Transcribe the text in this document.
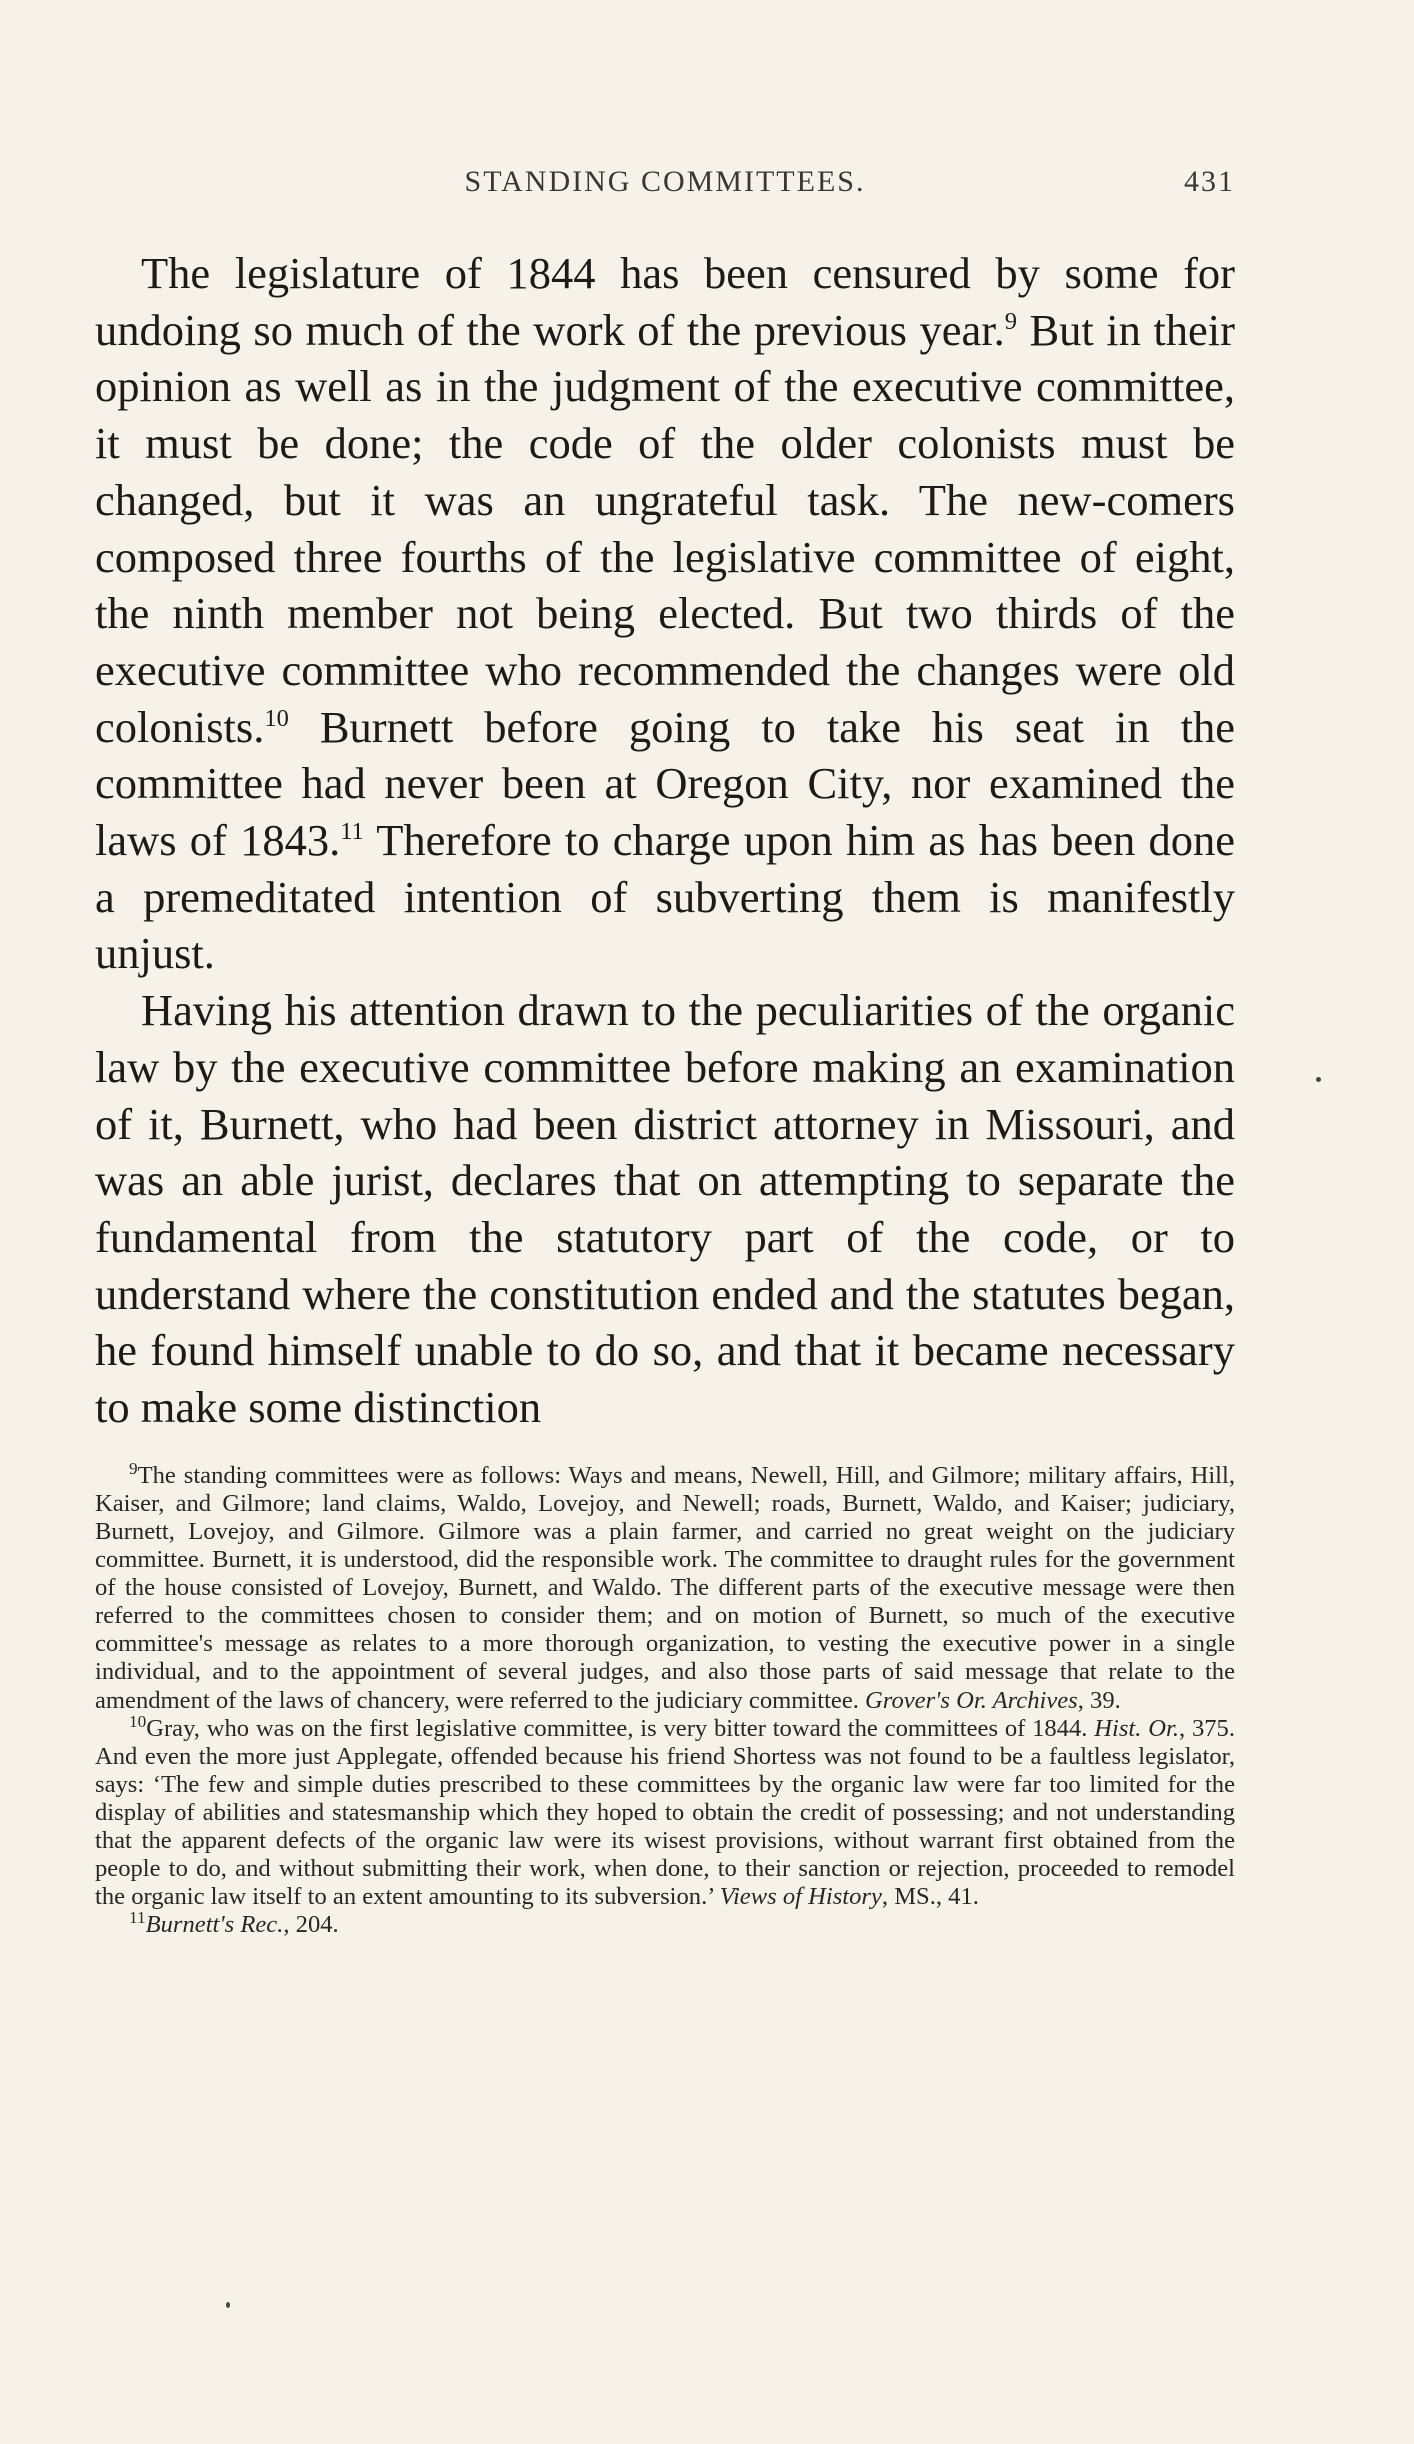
STANDING COMMITTEES.	431

The legislature of 1844 has been censured by some for undoing so much of the work of the previous year.$^9$ But in their opinion as well as in the judgment of the executive committee, it must be done; the code of the older colonists must be changed, but it was an ungrateful task. The new-comers composed three fourths of the legislative committee of eight, the ninth member not being elected. But two thirds of the executive committee who recommended the changes were old colonists.$^{10}$ Burnett before going to take his seat in the committee had never been at Oregon City, nor examined the laws of 1843.11 Therefore to charge upon him as has been done a premeditated intention of subverting them is manifestly unjust.

Having his attention drawn to the peculiarities of the organic law by the executive committee before making an examination of it, Burnett, who had been district attorney in Missouri, and was an able jurist, declares that on attempting to separate the fundamental from the statutory part of the code, or to understand where the constitution ended and the statutes began, he found himself unable to do so, and that it became necessary to make some distinction

$^9$The standing committees were as follows: Ways and means, Newell, Hill, and Gilmore; military affairs, Hill, Kaiser, and Gilmore; land claims, Waldo, Lovejoy, and Newell; roads, Burnett, Waldo, and Kaiser; judiciary, Burnett, Lovejoy, and Gilmore. Gilmore was a plain farmer, and carried no great weight on the judiciary committee. Burnett, it is understood, did the responsible work. The committee to draught rules for the government of the house consisted of Lovejoy, Burnett, and Waldo. The different parts of the executive message were then referred to the committees chosen to consider them; and on motion of Burnett, so much of the executive committee's message as relates to a more thorough organization, to vesting the executive power in a single individual, and to the appointment of several judges, and also those parts of said message that relate to the amendment of the laws of chancery, were referred to the judiciary committee. Grover's Or. Archives, 39.

$^{10}$Gray, who was on the first legislative committee, is very bitter toward the committees of 1844. Hist. Or., 375. And even the more just Applegate, offended because his friend Shortess was not found to be a faultless legislator, says: ‘The few and simple duties prescribed to these committees by the organic law were far too limited for the display of abilities and statesmanship which they hoped to obtain the credit of possessing; and not understanding that the apparent defects of the organic law were its wisest provisions, without warrant first obtained from the people to do, and without submitting their work, when done, to their sanction or rejection, proceeded to remodel the organic law itself to an extent amounting to its subversion.’ Views of History, MS., 41.

$^{11}$Burnett's Rec., 204.
